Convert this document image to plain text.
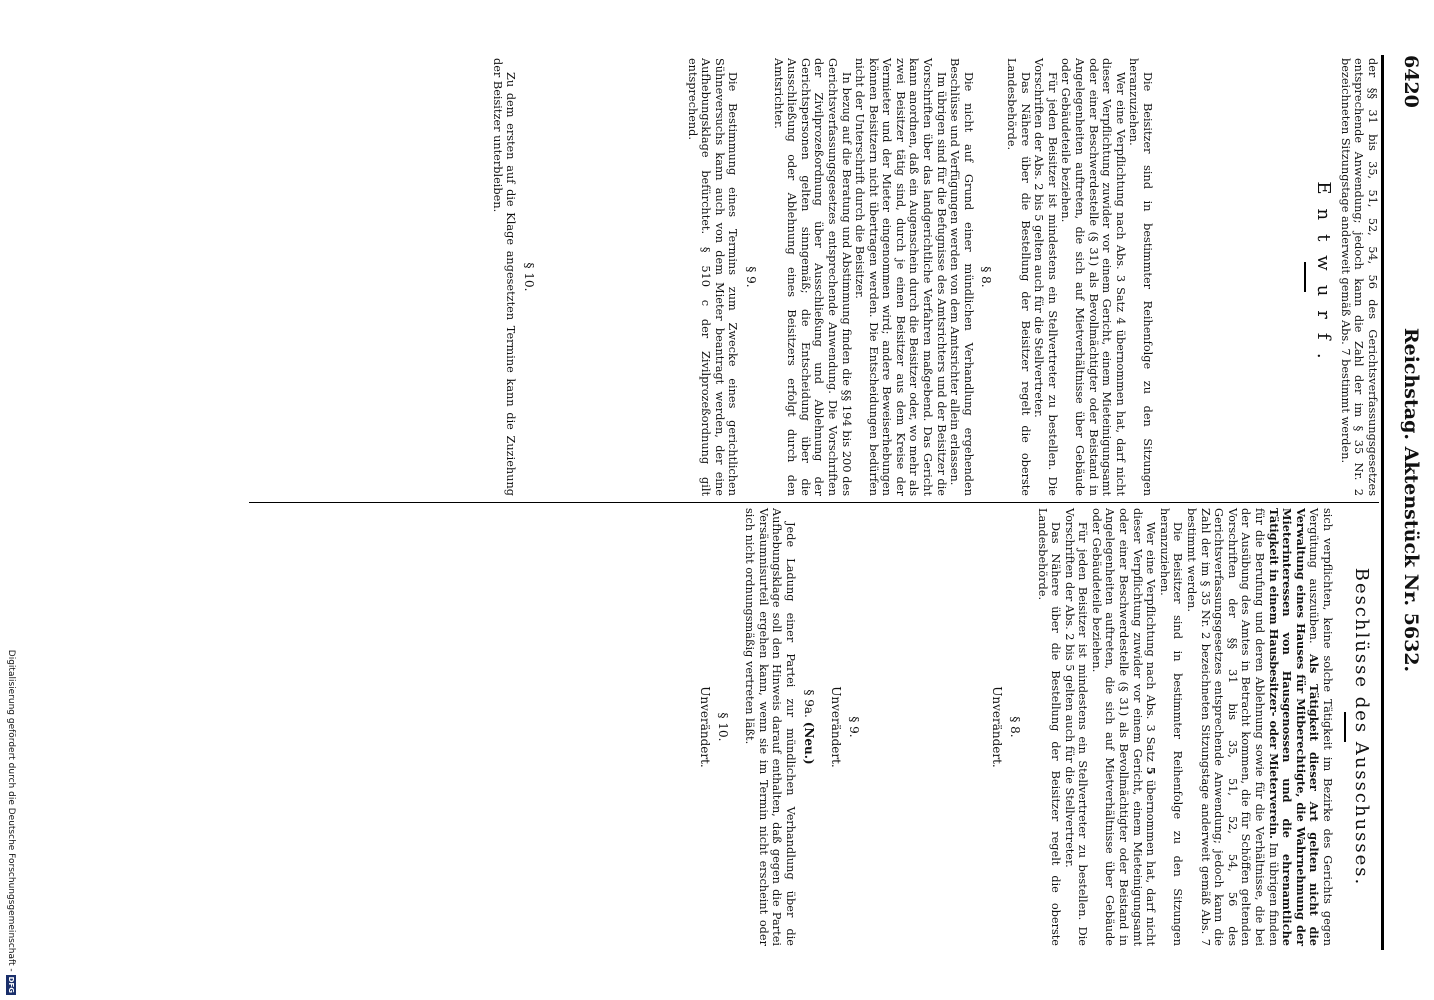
6420
Reichstag. Aktenstück Nr. 5632.

der §§ 31 bis 35, 51, 52, 54, 56 des Gerichtsverfassungsgesetzes entsprechende Anwendung; jedoch kann die Zahl der im § 35 Nr. 2 bezeichneten Sitzungstage anderweit gemäß Abs. 7 bestimmt werden.

Entwurf.

Die Beisitzer sind in bestimmter Reihenfolge zu den Sitzungen heranzuziehen.

Wer eine Verpflichtung nach Abs. 3 Satz 4 übernommen hat, darf nicht dieser Verpflichtung zuwider vor einem Gericht, einem Mieteinigungsamt oder einer Beschwerdestelle (§ 31) als Bevollmächtigter oder Beistand in Angelegenheiten auftreten, die sich auf Mietverhältnisse über Gebäude oder Gebäudeteile beziehen.

Für jeden Beisitzer ist mindestens ein Stellvertreter zu bestellen. Die Vorschriften der Abs. 2 bis 5 gelten auch für die Stellvertreter.

Das Nähere über die Bestellung der Beisitzer regelt die oberste Landesbehörde.

§ 8.

Die nicht auf Grund einer mündlichen Verhandlung ergehenden Beschlüsse und Verfügungen werden von dem Amtsrichter allein erlassen.

Im übrigen sind für die Befugnisse des Amtsrichters und der Beisitzer die Vorschriften über das landgerichtliche Verfahren maßgebend. Das Gericht kann anordnen, daß ein Augenschein durch die Beisitzer oder, wo mehr als zwei Beisitzer tätig sind, durch je einen Beisitzer aus dem Kreise der Vermieter und der Mieter eingenommen wird; andere Beweiserhebungen können Beisitzern nicht übertragen werden. Die Entscheidungen bedürfen nicht der Unterschrift durch die Beisitzer.

In bezug auf die Beratung und Abstimmung finden die §§ 194 bis 200 des Gerichtsverfassungsgesetzes entsprechende Anwendung. Die Vorschriften der Zivilprozeßordnung über Ausschließung und Ablehnung der Gerichtspersonen gelten sinngemäß; die Entscheidung über die Ausschließung oder Ablehnung eines Beisitzers erfolgt durch den Amtsrichter.

§ 9.

Die Bestimmung eines Termins zum Zwecke eines gerichtlichen Sühneversuchs kann auch von dem Mieter beantragt werden, der eine Aufhebungsklage befürchtet. § 510 c der Zivilprozeßordnung gilt entsprechend.

§ 10.

Zu dem ersten auf die Klage angesetzten Termine kann die Zuziehung der Beisitzer unterbleiben.

Beschlüsse des Ausschusses.

sich verpflichten, keine solche Tätigkeit im Bezirke des Gerichts gegen Vergütung auszuüben. Als Tätigkeit dieser Art gelten nicht die Verwaltung eines Hauses für Mitberechtigte, die Wahrnehmung der Mieterinteressen von Hausgenossen und die ehrenamtliche Tätigkeit in einem Hausbesitzer- oder Mieterverein. Im übrigen finden für die Berufung und deren Ablehnung sowie für die Verhältnisse, die bei der Ausübung des Amtes in Betracht kommen, die für Schöffen geltenden Vorschriften der §§ 31 bis 35, 51, 52, 54, 56 des Gerichtsverfassungsgesetzes entsprechende Anwendung; jedoch kann die Zahl der im § 35 Nr. 2 bezeichneten Sitzungstage anderweit gemäß Abs. 7 bestimmt werden.

Die Beisitzer sind in bestimmter Reihenfolge zu den Sitzungen heranzuziehen.

Wer eine Verpflichtung nach Abs. 3 Satz 5 übernommen hat, darf nicht dieser Verpflichtung zuwider vor einem Gericht, einem Mieteinigungsamt oder einer Beschwerdestelle (§ 31) als Bevollmächtigter oder Beistand in Angelegenheiten auftreten, die sich auf Mietverhältnisse über Gebäude oder Gebäudeteile beziehen.

Für jeden Beisitzer ist mindestens ein Stellvertreter zu bestellen. Die Vorschriften der Abs. 2 bis 5 gelten auch für die Stellvertreter.

Das Nähere über die Bestellung der Beisitzer regelt die oberste Landesbehörde.

§ 8.
Unverändert.
§ 9.
Unverändert.
§ 9a. (Neu.)

Jede Ladung einer Partei zur mündlichen Verhandlung über die Aufhebungsklage soll den Hinweis darauf enthalten, daß gegen die Partei Versäumnisurteil ergehen kann, wenn sie im Termin nicht erscheint oder sich nicht ordnungsmäßig vertreten läßt.

§ 10.
Unverändert.
Digitalisierung gefördert durch die Deutsche Forschungsgemeinschaft -DFG
